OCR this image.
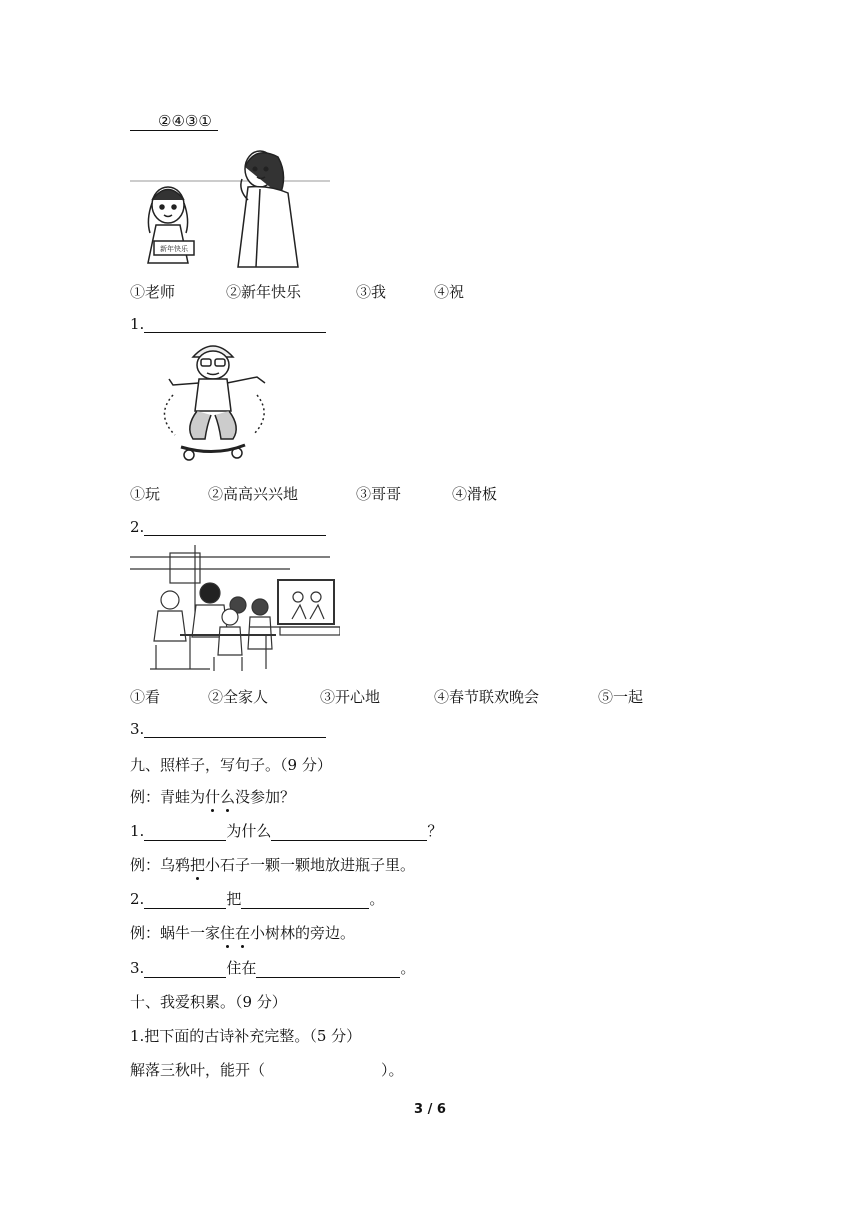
②④③①
新年快乐
①老师	②新年快乐	③我	④祝
1.
①玩	②高高兴兴地	③哥哥	④滑板
2.
①看	②全家人	③开心地	④春节联欢晚会	⑤一起
3.
九、照样子，写句子。（9 分）
例：青蛙为什么没参加？
1.	为什么	？
例：乌鸦把小石子一颗一颗地放进瓶子里。
2.	把	。
例：蜗牛一家住在小树林的旁边。
3.	住在	。
十、我爱积累。（9 分）
1.把下面的古诗补充完整。（5 分）
解落三秋叶，能开（	）。
3 / 6
